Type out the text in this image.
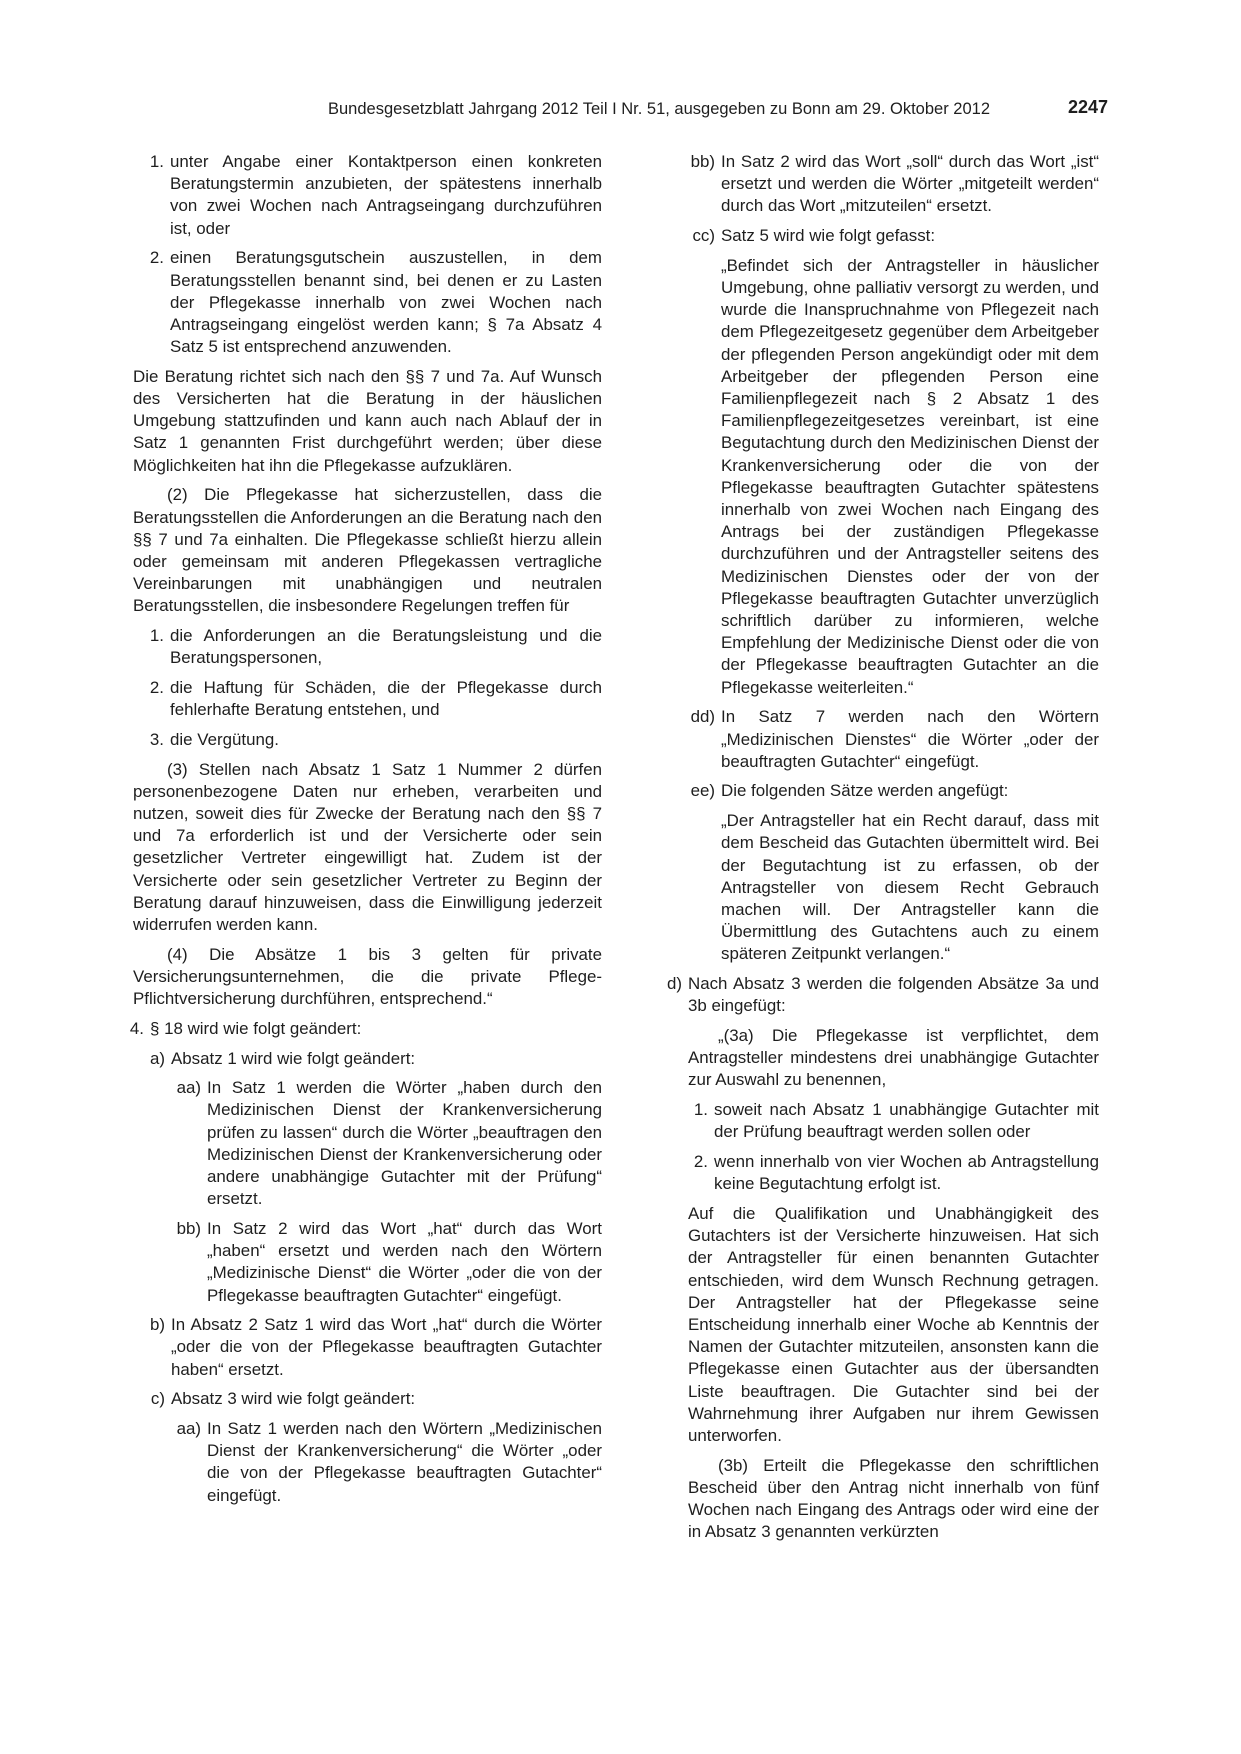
Bundesgesetzblatt Jahrgang 2012 Teil I Nr. 51, ausgegeben zu Bonn am 29. Oktober 2012	2247
1. unter Angabe einer Kontaktperson einen konkreten Beratungstermin anzubieten, der spätestens innerhalb von zwei Wochen nach Antragseingang durchzuführen ist, oder
2. einen Beratungsgutschein auszustellen, in dem Beratungsstellen benannt sind, bei denen er zu Lasten der Pflegekasse innerhalb von zwei Wochen nach Antragseingang eingelöst werden kann; § 7a Absatz 4 Satz 5 ist entsprechend anzuwenden.

Die Beratung richtet sich nach den §§ 7 und 7a. Auf Wunsch des Versicherten hat die Beratung in der häuslichen Umgebung stattzufinden und kann auch nach Ablauf der in Satz 1 genannten Frist durchgeführt werden; über diese Möglichkeiten hat ihn die Pflegekasse aufzuklären.

(2) Die Pflegekasse hat sicherzustellen, dass die Beratungsstellen die Anforderungen an die Beratung nach den §§ 7 und 7a einhalten. Die Pflegekasse schließt hierzu allein oder gemeinsam mit anderen Pflegekassen vertragliche Vereinbarungen mit unabhängigen und neutralen Beratungsstellen, die insbesondere Regelungen treffen für

1. die Anforderungen an die Beratungsleistung und die Beratungspersonen,
2. die Haftung für Schäden, die der Pflegekasse durch fehlerhafte Beratung entstehen, und
3. die Vergütung.

(3) Stellen nach Absatz 1 Satz 1 Nummer 2 dürfen personenbezogene Daten nur erheben, verarbeiten und nutzen, soweit dies für Zwecke der Beratung nach den §§ 7 und 7a erforderlich ist und der Versicherte oder sein gesetzlicher Vertreter eingewilligt hat. Zudem ist der Versicherte oder sein gesetzlicher Vertreter zu Beginn der Beratung darauf hinzuweisen, dass die Einwilligung jederzeit widerrufen werden kann.

(4) Die Absätze 1 bis 3 gelten für private Versicherungsunternehmen, die die private Pflege-Pflichtversicherung durchführen, entsprechend.“

4. § 18 wird wie folgt geändert:
a) Absatz 1 wird wie folgt geändert:
aa) In Satz 1 werden die Wörter „haben durch den Medizinischen Dienst der Krankenversicherung prüfen zu lassen“ durch die Wörter „beauftragen den Medizinischen Dienst der Krankenversicherung oder andere unabhängige Gutachter mit der Prüfung“ ersetzt.
bb) In Satz 2 wird das Wort „hat“ durch das Wort „haben“ ersetzt und werden nach den Wörtern „Medizinische Dienst“ die Wörter „oder die von der Pflegekasse beauftragten Gutachter“ eingefügt.
b) In Absatz 2 Satz 1 wird das Wort „hat“ durch die Wörter „oder die von der Pflegekasse beauftragten Gutachter haben“ ersetzt.
c) Absatz 3 wird wie folgt geändert:
aa) In Satz 1 werden nach den Wörtern „Medizinischen Dienst der Krankenversicherung“ die Wörter „oder die von der Pflegekasse beauftragten Gutachter“ eingefügt.
bb) In Satz 2 wird das Wort „soll“ durch das Wort „ist“ ersetzt und werden die Wörter „mitgeteilt werden“ durch das Wort „mitzuteilen“ ersetzt.
cc) Satz 5 wird wie folgt gefasst:

„Befindet sich der Antragsteller in häuslicher Umgebung, ohne palliativ versorgt zu werden, und wurde die Inanspruchnahme von Pflegezeit nach dem Pflegezeitgesetz gegenüber dem Arbeitgeber der pflegenden Person angekündigt oder mit dem Arbeitgeber der pflegenden Person eine Familienpflegezeit nach § 2 Absatz 1 des Familienpflegezeitgesetzes vereinbart, ist eine Begutachtung durch den Medizinischen Dienst der Krankenversicherung oder die von der Pflegekasse beauftragten Gutachter spätestens innerhalb von zwei Wochen nach Eingang des Antrags bei der zuständigen Pflegekasse durchzuführen und der Antragsteller seitens des Medizinischen Dienstes oder der von der Pflegekasse beauftragten Gutachter unverzüglich schriftlich darüber zu informieren, welche Empfehlung der Medizinische Dienst oder die von der Pflegekasse beauftragten Gutachter an die Pflegekasse weiterleiten.“

dd) In Satz 7 werden nach den Wörtern „Medizinischen Dienstes“ die Wörter „oder der beauftragten Gutachter“ eingefügt.
ee) Die folgenden Sätze werden angefügt:

„Der Antragsteller hat ein Recht darauf, dass mit dem Bescheid das Gutachten übermittelt wird. Bei der Begutachtung ist zu erfassen, ob der Antragsteller von diesem Recht Gebrauch machen will. Der Antragsteller kann die Übermittlung des Gutachtens auch zu einem späteren Zeitpunkt verlangen.“

d) Nach Absatz 3 werden die folgenden Absätze 3a und 3b eingefügt:

„(3a) Die Pflegekasse ist verpflichtet, dem Antragsteller mindestens drei unabhängige Gutachter zur Auswahl zu benennen,

1. soweit nach Absatz 1 unabhängige Gutachter mit der Prüfung beauftragt werden sollen oder
2. wenn innerhalb von vier Wochen ab Antragstellung keine Begutachtung erfolgt ist.

Auf die Qualifikation und Unabhängigkeit des Gutachters ist der Versicherte hinzuweisen. Hat sich der Antragsteller für einen benannten Gutachter entschieden, wird dem Wunsch Rechnung getragen. Der Antragsteller hat der Pflegekasse seine Entscheidung innerhalb einer Woche ab Kenntnis der Namen der Gutachter mitzuteilen, ansonsten kann die Pflegekasse einen Gutachter aus der übersandten Liste beauftragen. Die Gutachter sind bei der Wahrnehmung ihrer Aufgaben nur ihrem Gewissen unterworfen.

(3b) Erteilt die Pflegekasse den schriftlichen Bescheid über den Antrag nicht innerhalb von fünf Wochen nach Eingang des Antrags oder wird eine der in Absatz 3 genannten verkürzten
